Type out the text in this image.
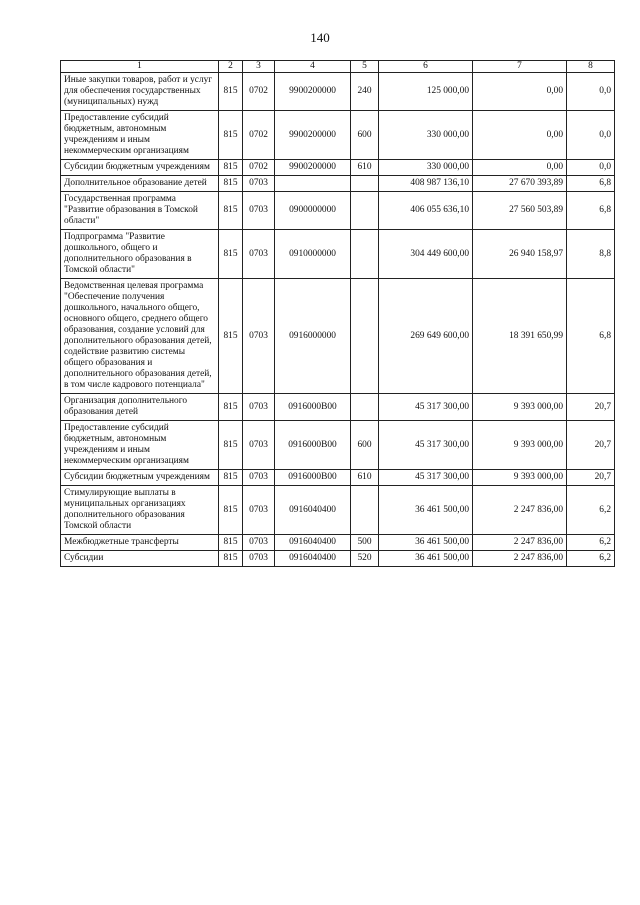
140
1	2	3	4	5	6	7	8
Иные закупки товаров, работ и услуг для обеспечения государственных (муниципальных) нужд	815	0702	9900200000	240	125 000,00	0,00	0,0
Предоставление субсидий бюджетным, автономным учреждениям и иным некоммерческим организациям	815	0702	9900200000	600	330 000,00	0,00	0,0
Субсидии бюджетным учреждениям	815	0702	9900200000	610	330 000,00	0,00	0,0
Дополнительное образование детей	815	0703			408 987 136,10	27 670 393,89	6,8
Государственная программа "Развитие образования в Томской области"	815	0703	0900000000		406 055 636,10	27 560 503,89	6,8
Подпрограмма "Развитие дошкольного, общего и дополнительного образования в Томской области"	815	0703	0910000000		304 449 600,00	26 940 158,97	8,8
Ведомственная целевая программа "Обеспечение получения дошкольного, начального общего, основного общего, среднего общего образования, создание условий для дополнительного образования детей, содействие развитию системы общего образования и дополнительного образования детей, в том числе кадрового потенциала"	815	0703	0916000000		269 649 600,00	18 391 650,99	6,8
Организация дополнительного образования детей	815	0703	0916000В00		45 317 300,00	9 393 000,00	20,7
Предоставление субсидий бюджетным, автономным учреждениям и иным некоммерческим организациям	815	0703	0916000В00	600	45 317 300,00	9 393 000,00	20,7
Субсидии бюджетным учреждениям	815	0703	0916000В00	610	45 317 300,00	9 393 000,00	20,7
Стимулирующие выплаты в муниципальных организациях дополнительного образования Томской области	815	0703	0916040400		36 461 500,00	2 247 836,00	6,2
Межбюджетные трансферты	815	0703	0916040400	500	36 461 500,00	2 247 836,00	6,2
Субсидии	815	0703	0916040400	520	36 461 500,00	2 247 836,00	6,2
